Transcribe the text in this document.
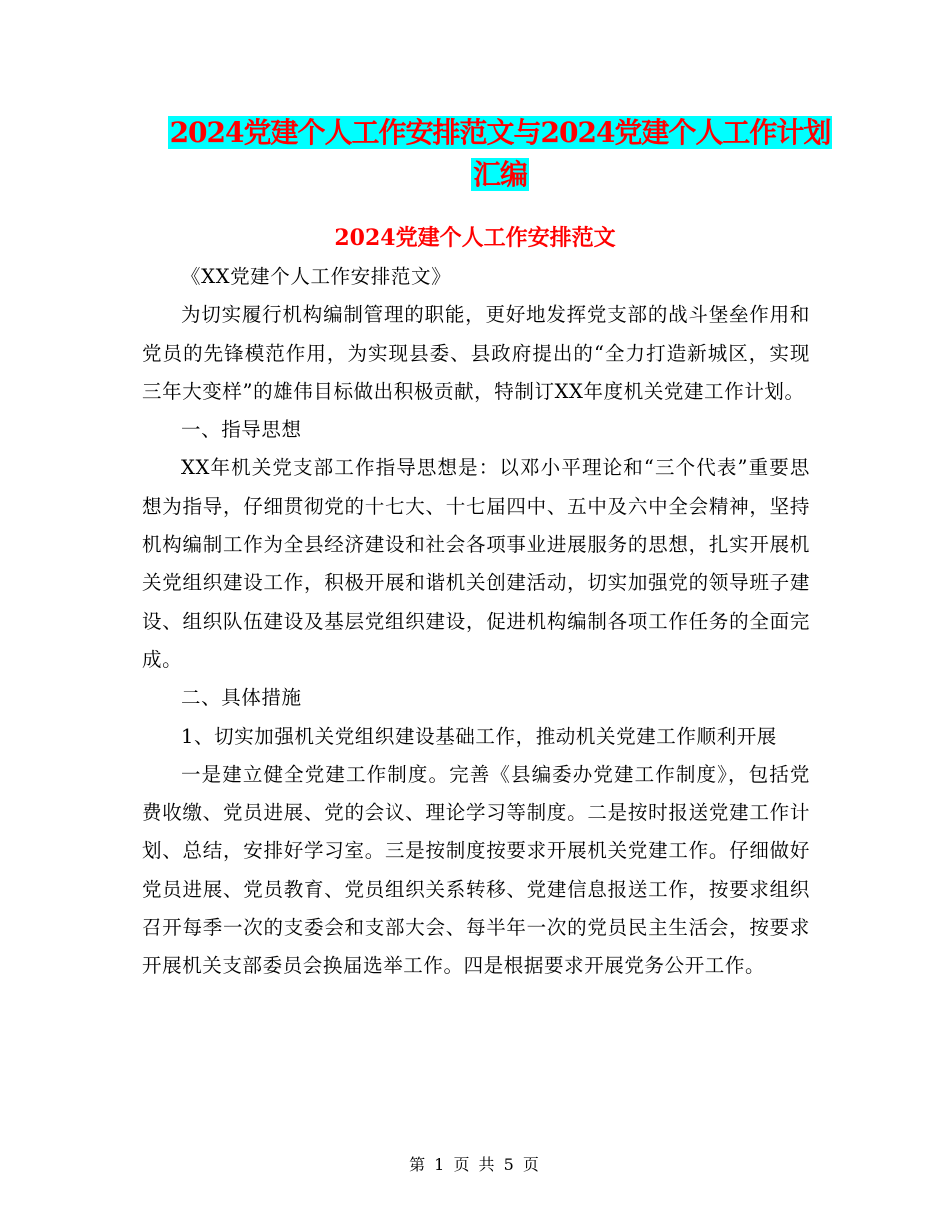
2024党建个人工作安排范文与2024党建个人工作计划
汇编
2024党建个人工作安排范文

《XX党建个人工作安排范文》

为切实履行机构编制管理的职能，更好地发挥党支部的战斗堡垒作用和党员的先锋模范作用，为实现县委、县政府提出的“全力打造新城区，实现三年大变样”的雄伟目标做出积极贡献，特制订XX年度机关党建工作计划。

一、指导思想

XX年机关党支部工作指导思想是：以邓小平理论和“三个代表”重要思想为指导，仔细贯彻党的十七大、十七届四中、五中及六中全会精神，坚持机构编制工作为全县经济建设和社会各项事业进展服务的思想，扎实开展机关党组织建设工作，积极开展和谐机关创建活动，切实加强党的领导班子建设、组织队伍建设及基层党组织建设，促进机构编制各项工作任务的全面完成。

二、具体措施

1、切实加强机关党组织建设基础工作，推动机关党建工作顺利开展

一是建立健全党建工作制度。完善《县编委办党建工作制度》，包括党费收缴、党员进展、党的会议、理论学习等制度。二是按时报送党建工作计划、总结，安排好学习室。三是按制度按要求开展机关党建工作。仔细做好党员进展、党员教育、党员组织关系转移、党建信息报送工作，按要求组织召开每季一次的支委会和支部大会、每半年一次的党员民主生活会，按要求开展机关支部委员会换届选举工作。四是根据要求开展党务公开工作。

第 1 页 共 5 页
